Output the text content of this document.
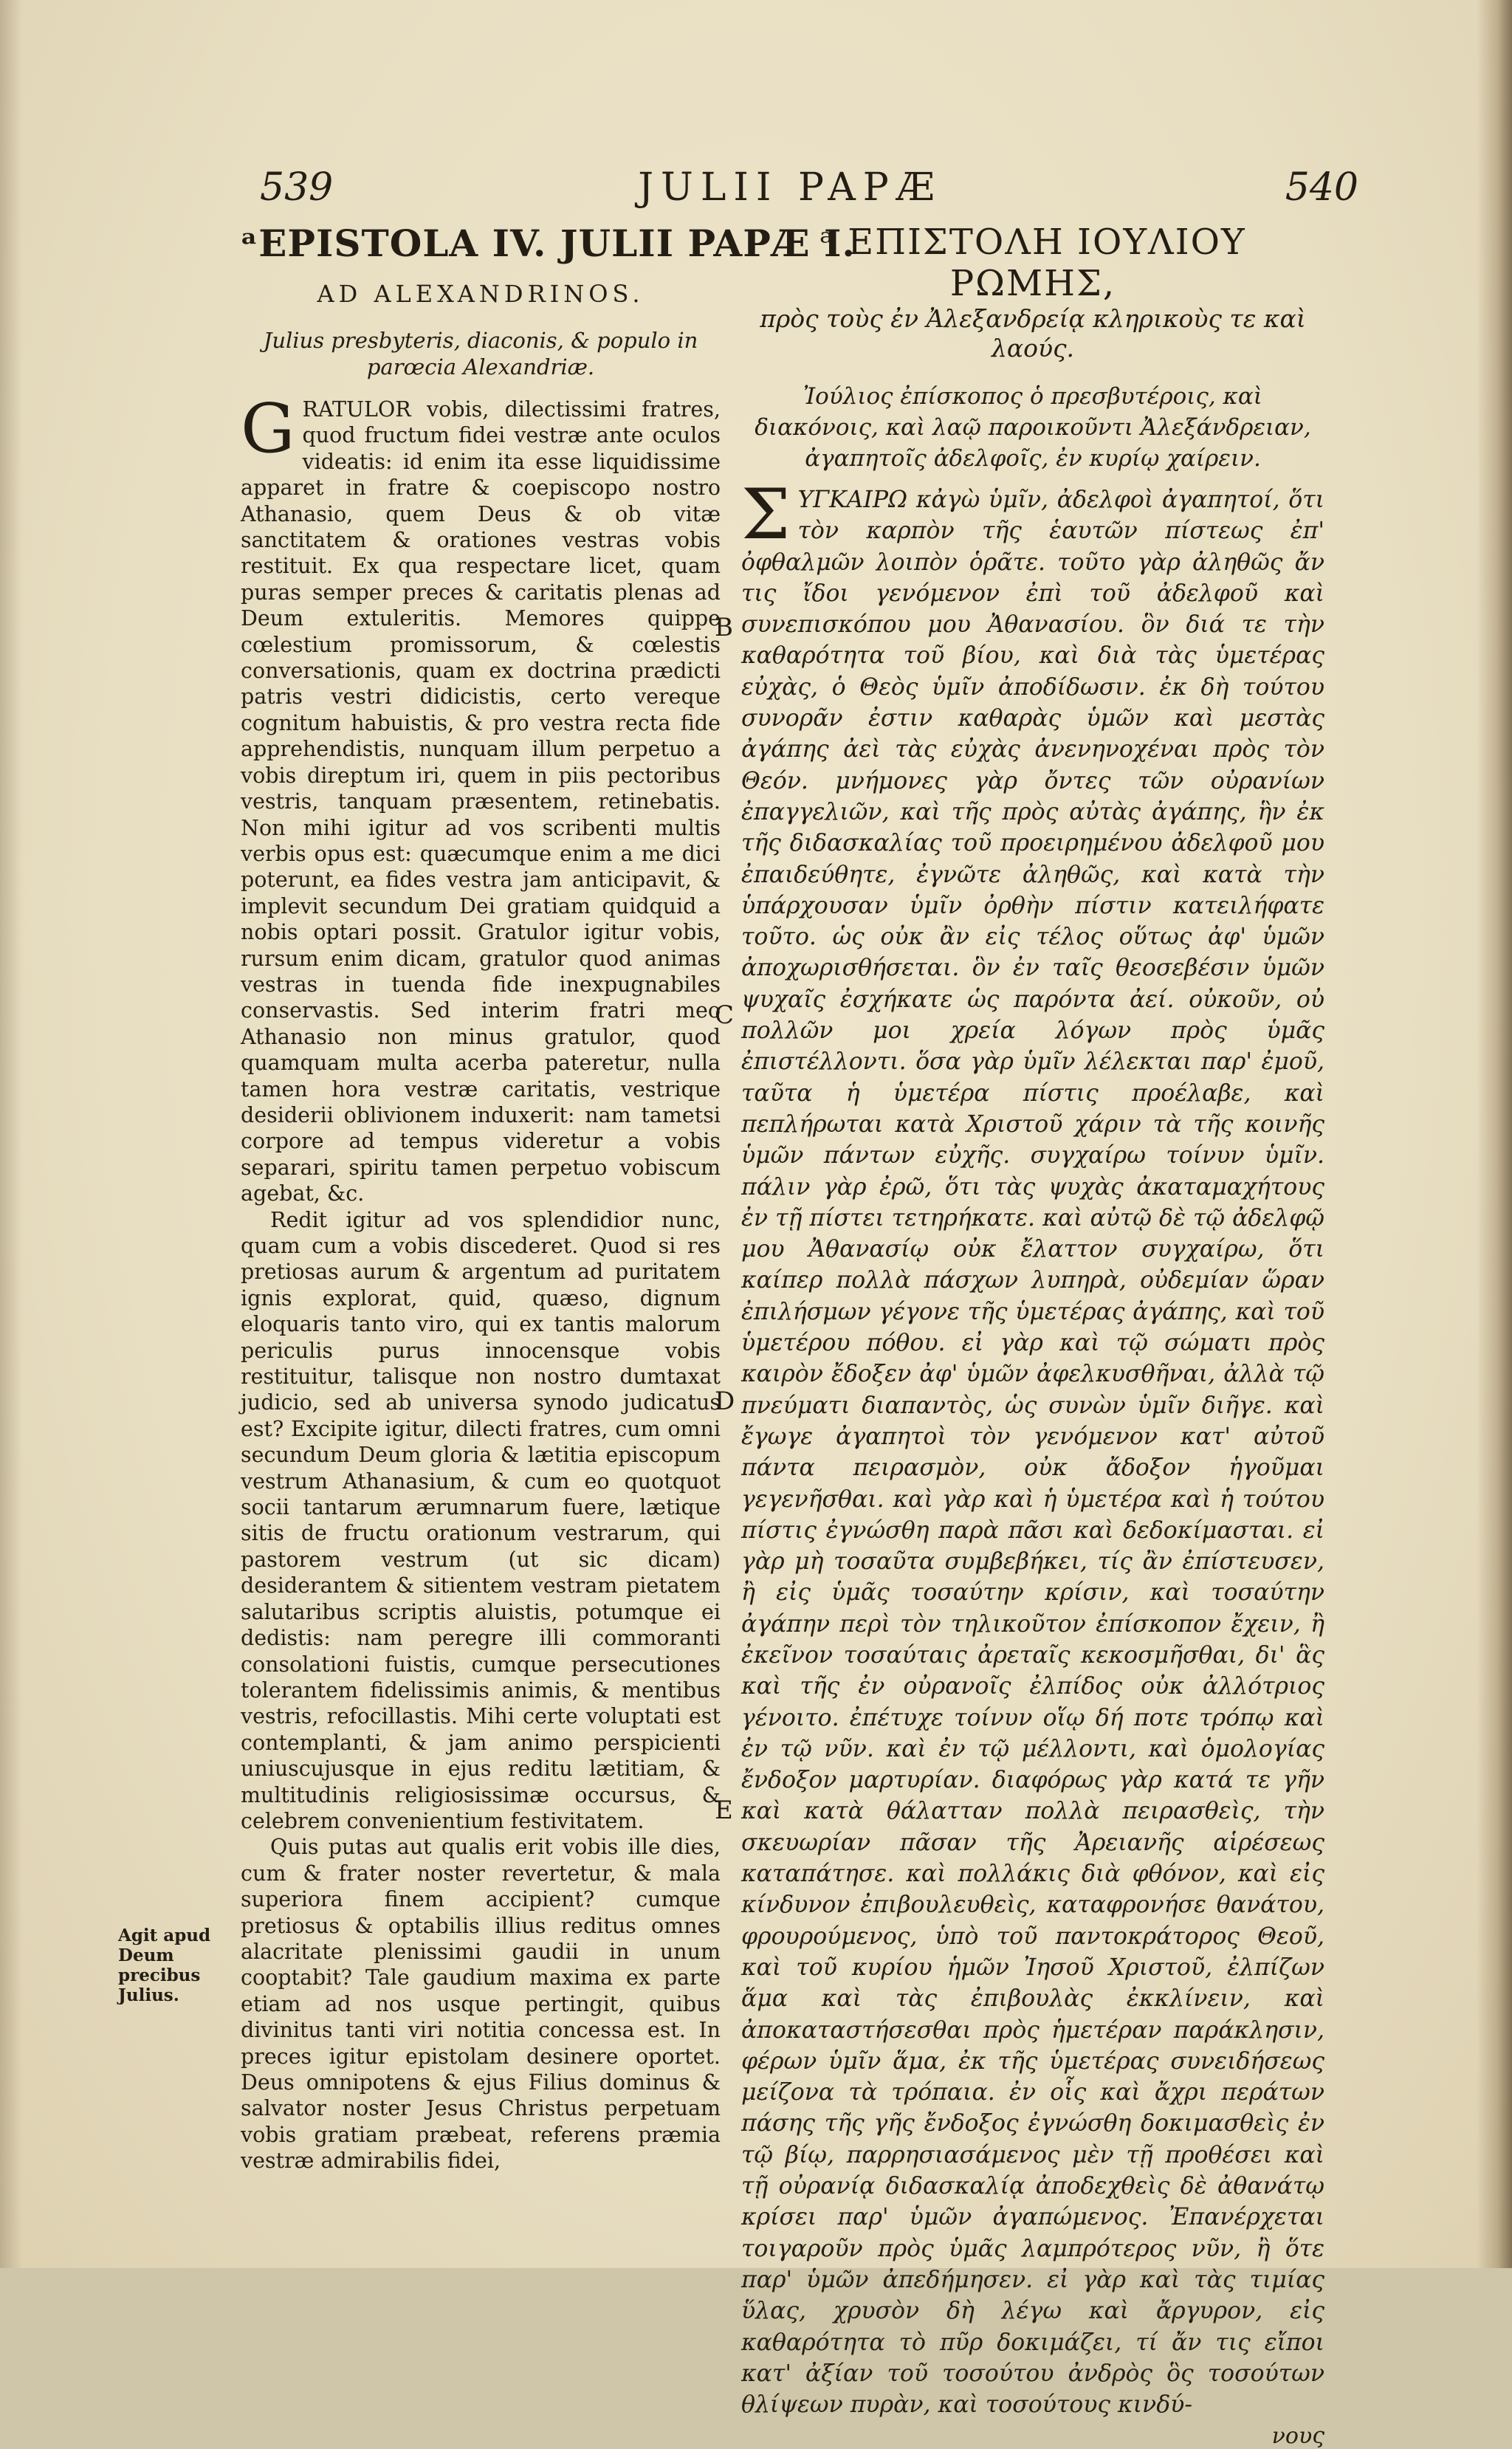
539	JULII PAPÆ	540
ᵃEPISTOLA IV. JULII PAPÆ I.
AD ALEXANDRINOS.
Julius presbyteris, diaconis, & populo in parœcia Alexandriæ.

GRATULOR vobis, dilectissimi fratres, quod fructum fidei vestræ ante oculos videatis: id enim ita esse liquidissime apparet in fratre & coepiscopo nostro Athanasio, quem Deus & ob vitæ sanctitatem & orationes vestras vobis restituit. Ex qua respectare licet, quam puras semper preces & caritatis plenas ad Deum extuleritis. Memores quippe cœlestium promissorum, & cœlestis conversationis, quam ex doctrina prædicti patris vestri didicistis, certo vereque cognitum habuistis, & pro vestra recta fide apprehendistis, nunquam illum perpetuo a vobis direptum iri, quem in piis pectoribus vestris, tanquam præsentem, retinebatis. Non mihi igitur ad vos scribenti multis verbis opus est: quæcumque enim a me dici poterunt, ea fides vestra jam anticipavit, & implevit secundum Dei gratiam quidquid a nobis optari possit. Gratulor igitur vobis, rursum enim dicam, gratulor quod animas vestras in tuenda fide inexpugnabiles conservastis. Sed interim fratri meo Athanasio non minus gratulor, quod quamquam multa acerba pateretur, nulla tamen hora vestræ caritatis, vestrique desiderii oblivionem induxerit: nam tametsi corpore ad tempus videretur a vobis separari, spiritu tamen perpetuo vobiscum agebat, &c.

Redit igitur ad vos splendidior nunc, quam cum a vobis discederet. Quod si res pretiosas aurum & argentum ad puritatem ignis explorat, quid, quæso, dignum eloquaris tanto viro, qui ex tantis malorum periculis purus innocensque vobis restituitur, talisque non nostro dumtaxat judicio, sed ab universa synodo judicatus est? Excipite igitur, dilecti fratres, cum omni secundum Deum gloria & lætitia episcopum vestrum Athanasium, & cum eo quotquot socii tantarum ærumnarum fuere, lætique sitis de fructu orationum vestrarum, qui pastorem vestrum (ut sic dicam) desiderantem & sitientem vestram pietatem salutaribus scriptis aluistis, potumque ei dedistis: nam peregre illi commoranti consolationi fuistis, cumque persecutiones tolerantem fidelissimis animis, & mentibus vestris, refocillastis. Mihi certe voluptati est contemplanti, & jam animo perspicienti uniuscujusque in ejus reditu lætitiam, & multitudinis religiosissimæ occursus, & celebrem convenientium festivitatem.

Quis putas aut qualis erit vobis ille dies, cum & frater noster revertetur, & mala superiora finem accipient? cumque pretiosus & optabilis illius reditus omnes alacritate plenissimi gaudii in unum cooptabit? Tale gaudium maxima ex parte etiam ad nos usque pertingit, quibus divinitus tanti viri notitia concessa est. In preces igitur epistolam desinere oportet. Deus omnipotens & ejus Filius dominus & salvator noster Jesus Christus perpetuam vobis gratiam præbeat, referens præmia vestræ admirabilis fidei,

Agit apud Deum precibus Julius.
B
C
D
E
ᵃ ΕΠΙΣΤΟΛΗ ΙΟΥΛΙΟΥ ΡΩΜΗΣ,
πρὸς τοὺς ἐν Ἀλεξανδρείᾳ κληρικοὺς τε καὶ λαούς.
Ἰούλιος ἐπίσκοπος ὁ πρεσβυτέροις, καὶ διακόνοις, καὶ λαῷ παροικοῦντι Ἀλεξάνδρειαν, ἀγαπητοῖς ἀδελφοῖς, ἐν κυρίῳ χαίρειν.

ΣΥΓΚΑΙΡΩ κἀγὼ ὑμῖν, ἀδελφοὶ ἀγαπητοί, ὅτι τὸν καρπὸν τῆς ἑαυτῶν πίστεως ἐπ' ὀφθαλμῶν λοιπὸν ὁρᾶτε. τοῦτο γὰρ ἀληθῶς ἄν τις ἴδοι γενόμενον ἐπὶ τοῦ ἀδελφοῦ καὶ συνεπισκόπου μου Ἀθανασίου. ὃν διά τε τὴν καθαρότητα τοῦ βίου, καὶ διὰ τὰς ὑμετέρας εὐχὰς, ὁ Θεὸς ὑμῖν ἀποδίδωσιν. ἐκ δὴ τούτου συνορᾶν ἐστιν καθαρὰς ὑμῶν καὶ μεστὰς ἀγάπης ἀεὶ τὰς εὐχὰς ἀνενηνοχέναι πρὸς τὸν Θεόν. μνήμονες γὰρ ὄντες τῶν οὐρανίων ἐπαγγελιῶν, καὶ τῆς πρὸς αὐτὰς ἀγάπης, ἣν ἐκ τῆς διδασκαλίας τοῦ προειρημένου ἀδελφοῦ μου ἐπαιδεύθητε, ἐγνῶτε ἀληθῶς, καὶ κατὰ τὴν ὑπάρχουσαν ὑμῖν ὀρθὴν πίστιν κατειλήφατε τοῦτο. ὡς οὐκ ἂν εἰς τέλος οὕτως ἀφ' ὑμῶν ἀποχωρισθήσεται. ὃν ἐν ταῖς θεοσεβέσιν ὑμῶν ψυχαῖς ἐσχήκατε ὡς παρόντα ἀεί. οὐκοῦν, οὐ πολλῶν μοι χρεία λόγων πρὸς ὑμᾶς ἐπιστέλλοντι. ὅσα γὰρ ὑμῖν λέλεκται παρ' ἐμοῦ, ταῦτα ἡ ὑμετέρα πίστις προέλαβε, καὶ πεπλήρωται κατὰ Χριστοῦ χάριν τὰ τῆς κοινῆς ὑμῶν πάντων εὐχῆς. συγχαίρω τοίνυν ὑμῖν. πάλιν γὰρ ἐρῶ, ὅτι τὰς ψυχὰς ἀκαταμαχήτους ἐν τῇ πίστει τετηρήκατε. καὶ αὐτῷ δὲ τῷ ἀδελφῷ μου Ἀθανασίῳ οὐκ ἔλαττον συγχαίρω, ὅτι καίπερ πολλὰ πάσχων λυπηρὰ, οὐδεμίαν ὥραν ἐπιλήσμων γέγονε τῆς ὑμετέρας ἀγάπης, καὶ τοῦ ὑμετέρου πόθου. εἰ γὰρ καὶ τῷ σώματι πρὸς καιρὸν ἔδοξεν ἀφ' ὑμῶν ἀφελκυσθῆναι, ἀλλὰ τῷ πνεύματι διαπαντὸς, ὡς συνὼν ὑμῖν διῆγε. καὶ ἔγωγε ἀγαπητοὶ τὸν γενόμενον κατ' αὐτοῦ πάντα πειρασμὸν, οὐκ ἄδοξον ἡγοῦμαι γεγενῆσθαι. καὶ γὰρ καὶ ἡ ὑμετέρα καὶ ἡ τούτου πίστις ἐγνώσθη παρὰ πᾶσι καὶ δεδοκίμασται. εἰ γὰρ μὴ τοσαῦτα συμβεβήκει, τίς ἂν ἐπίστευσεν, ἢ εἰς ὑμᾶς τοσαύτην κρίσιν, καὶ τοσαύτην ἀγάπην περὶ τὸν τηλικοῦτον ἐπίσκοπον ἔχειν, ἢ ἐκεῖνον τοσαύταις ἀρεταῖς κεκοσμῆσθαι, δι' ἃς καὶ τῆς ἐν οὐρανοῖς ἐλπίδος οὐκ ἀλλότριος γένοιτο. ἐπέτυχε τοίνυν οἵῳ δή ποτε τρόπῳ καὶ ἐν τῷ νῦν. καὶ ἐν τῷ μέλλοντι, καὶ ὁμολογίας ἔνδοξον μαρτυρίαν. διαφόρως γὰρ κατά τε γῆν καὶ κατὰ θάλατταν πολλὰ πειρασθεὶς, τὴν σκευωρίαν πᾶσαν τῆς Ἀρειανῆς αἱρέσεως καταπάτησε. καὶ πολλάκις διὰ φθόνον, καὶ εἰς κίνδυνον ἐπιβουλευθεὶς, καταφρονήσε θανάτου, φρουρούμενος, ὑπὸ τοῦ παντοκράτορος Θεοῦ, καὶ τοῦ κυρίου ἡμῶν Ἰησοῦ Χριστοῦ, ἐλπίζων ἅμα καὶ τὰς ἐπιβουλὰς ἐκκλίνειν, καὶ ἀποκαταστήσεσθαι πρὸς ἡμετέραν παράκλησιν, φέρων ὑμῖν ἅμα, ἐκ τῆς ὑμετέρας συνειδήσεως μείζονα τὰ τρόπαια. ἐν οἷς καὶ ἄχρι περάτων πάσης τῆς γῆς ἔνδοξος ἐγνώσθη δοκιμασθεὶς ἐν τῷ βίῳ, παρρησιασάμενος μὲν τῇ προθέσει καὶ τῇ οὐρανίᾳ διδασκαλίᾳ ἀποδεχθεὶς δὲ ἀθανάτῳ κρίσει παρ' ὑμῶν ἀγαπώμενος. Ἐπανέρχεται τοιγαροῦν πρὸς ὑμᾶς λαμπρότερος νῦν, ἢ ὅτε παρ' ὑμῶν ἀπεδήμησεν. εἰ γὰρ καὶ τὰς τιμίας ὕλας, χρυσὸν δὴ λέγω καὶ ἄργυρον, εἰς καθαρότητα τὸ πῦρ δοκιμάζει, τί ἄν τις εἴποι κατ' ἀξίαν τοῦ τοσούτου ἀνδρὸς ὃς τοσούτων θλίψεων πυρὰν, καὶ τοσούτους κινδύ-

νους
